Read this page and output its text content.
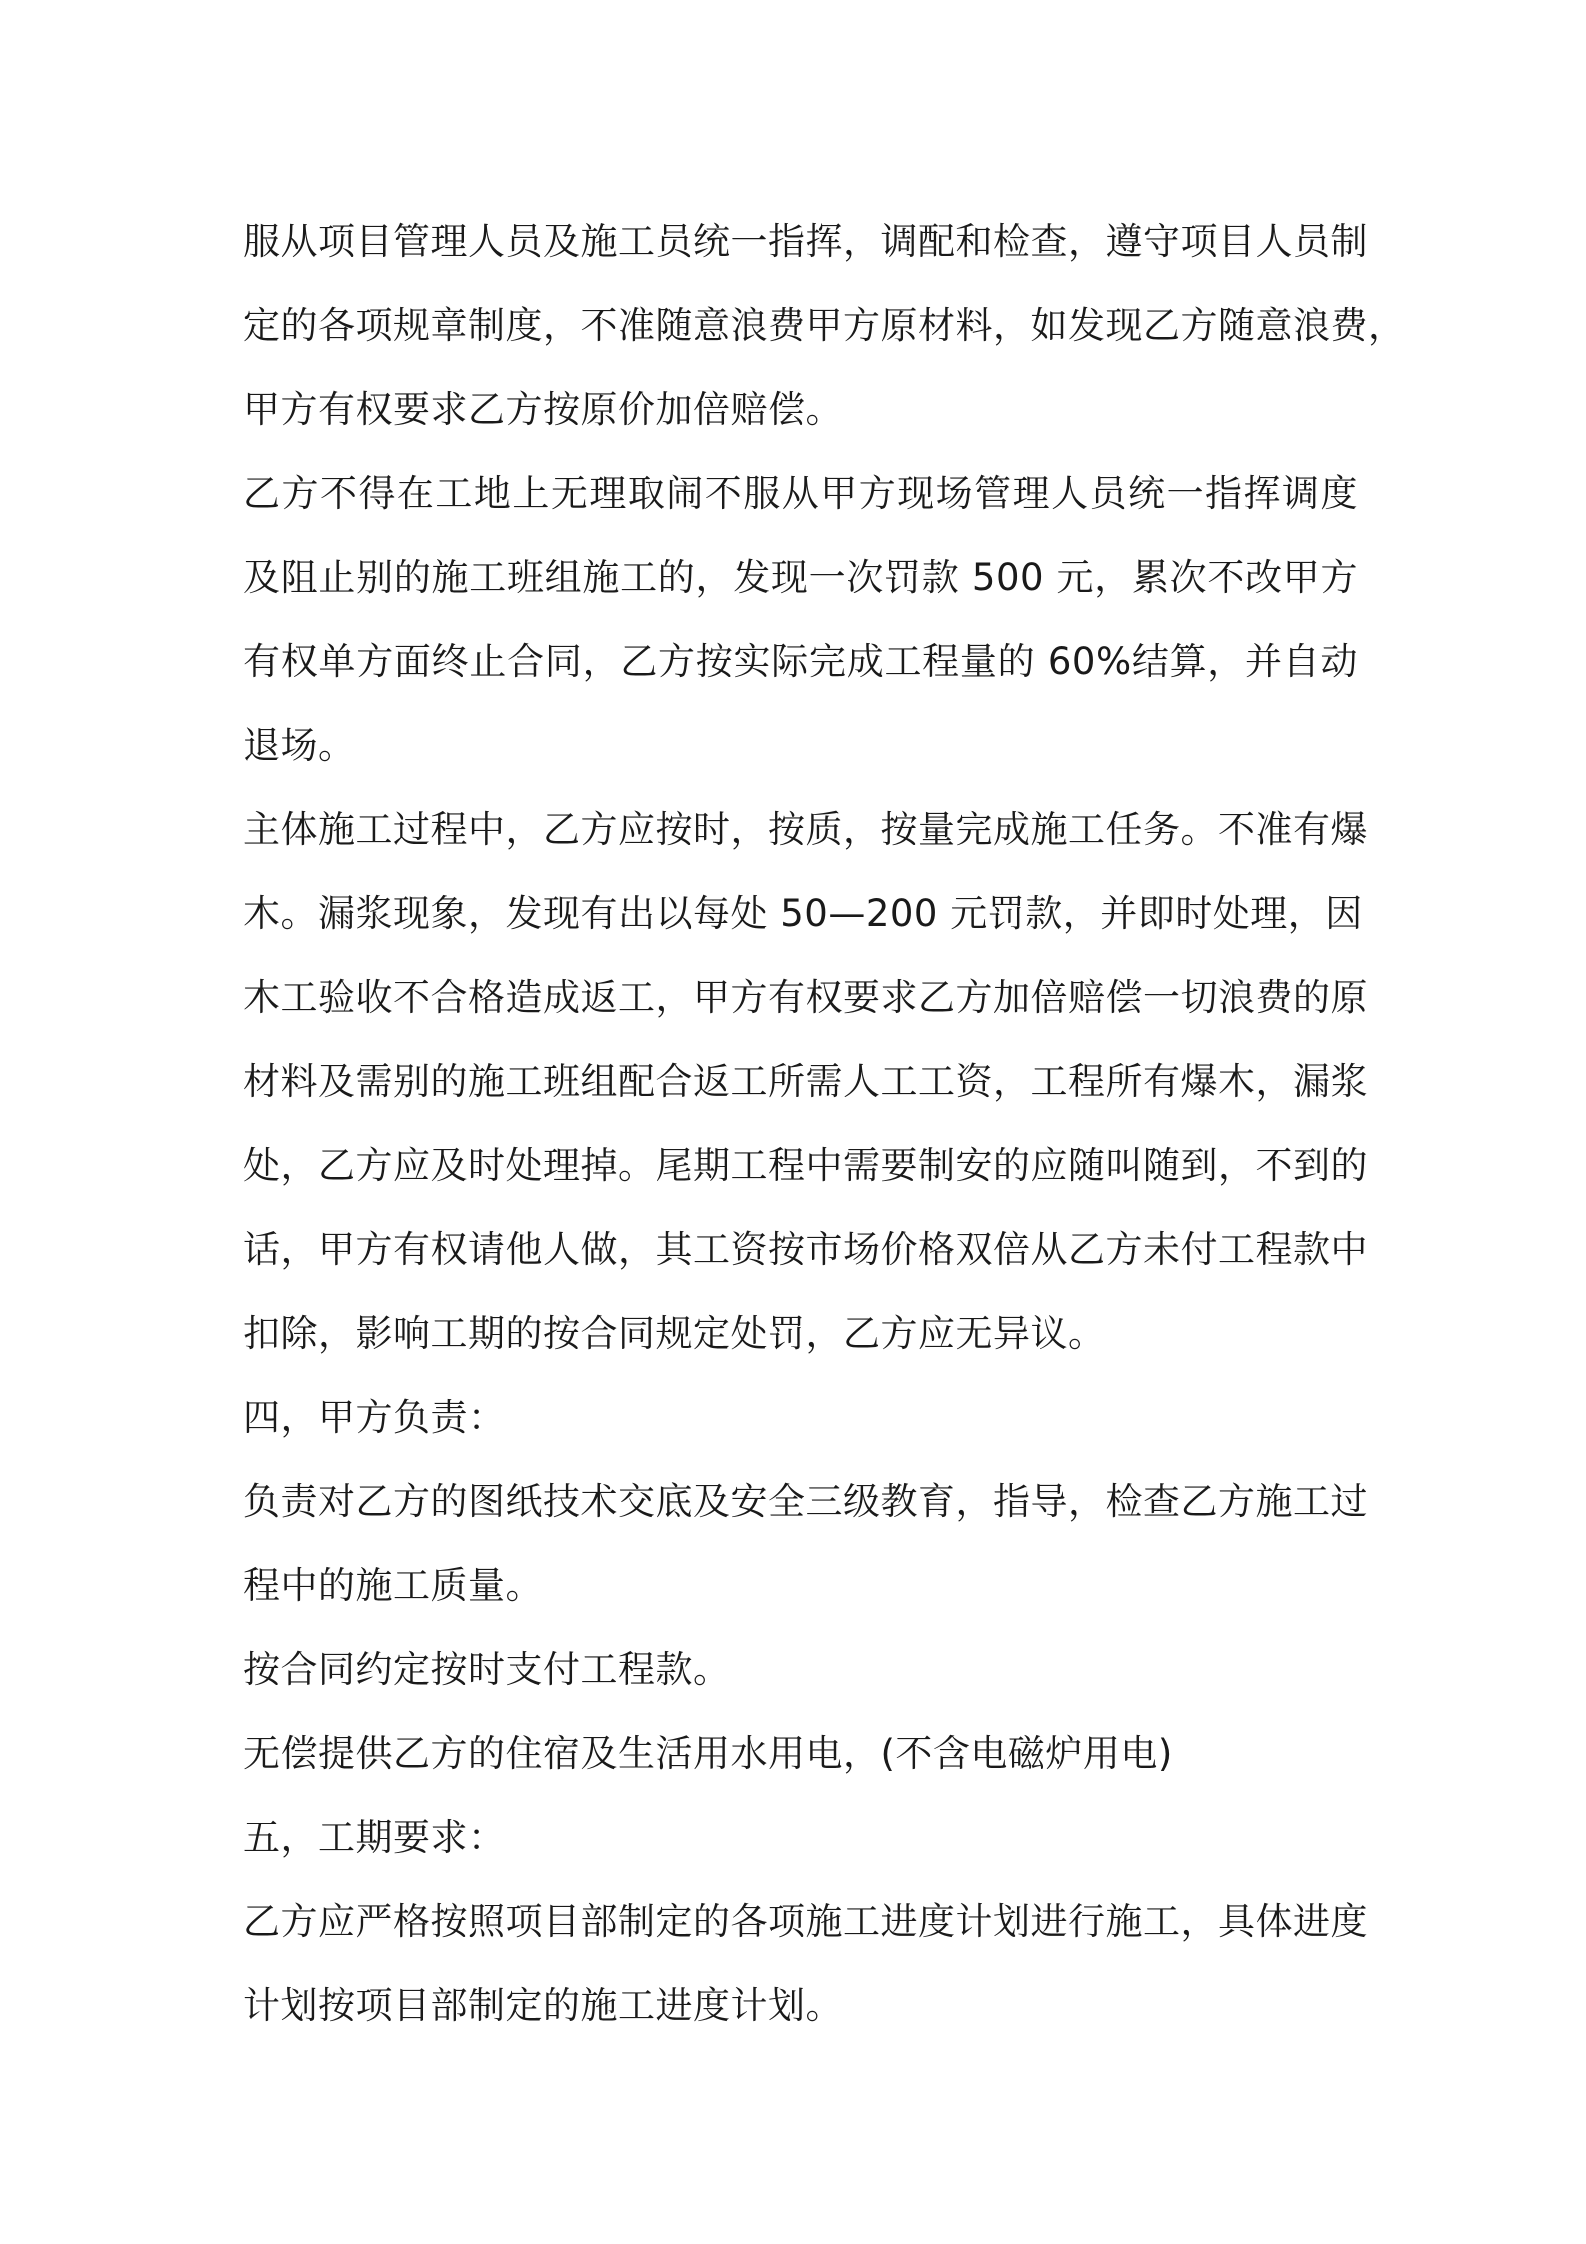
服从项目管理人员及施工员统一指挥，调配和检查，遵守项目人员制
定的各项规章制度，不准随意浪费甲方原材料，如发现乙方随意浪费，
甲方有权要求乙方按原价加倍赔偿。
乙方不得在工地上无理取闹不服从甲方现场管理人员统一指挥调度
及阻止别的施工班组施工的，发现一次罚款 500 元，累次不改甲方
有权单方面终止合同，乙方按实际完成工程量的 60%结算，并自动
退场。
主体施工过程中，乙方应按时，按质，按量完成施工任务。不准有爆
木。漏浆现象，发现有出以每处 50—200 元罚款，并即时处理，因
木工验收不合格造成返工，甲方有权要求乙方加倍赔偿一切浪费的原
材料及需别的施工班组配合返工所需人工工资，工程所有爆木，漏浆
处，乙方应及时处理掉。尾期工程中需要制安的应随叫随到，不到的
话，甲方有权请他人做，其工资按市场价格双倍从乙方未付工程款中
扣除，影响工期的按合同规定处罚，乙方应无异议。
四，甲方负责：
负责对乙方的图纸技术交底及安全三级教育，指导，检查乙方施工过
程中的施工质量。
按合同约定按时支付工程款。
无偿提供乙方的住宿及生活用水用电，(不含电磁炉用电)
五，工期要求：
乙方应严格按照项目部制定的各项施工进度计划进行施工，具体进度
计划按项目部制定的施工进度计划。
